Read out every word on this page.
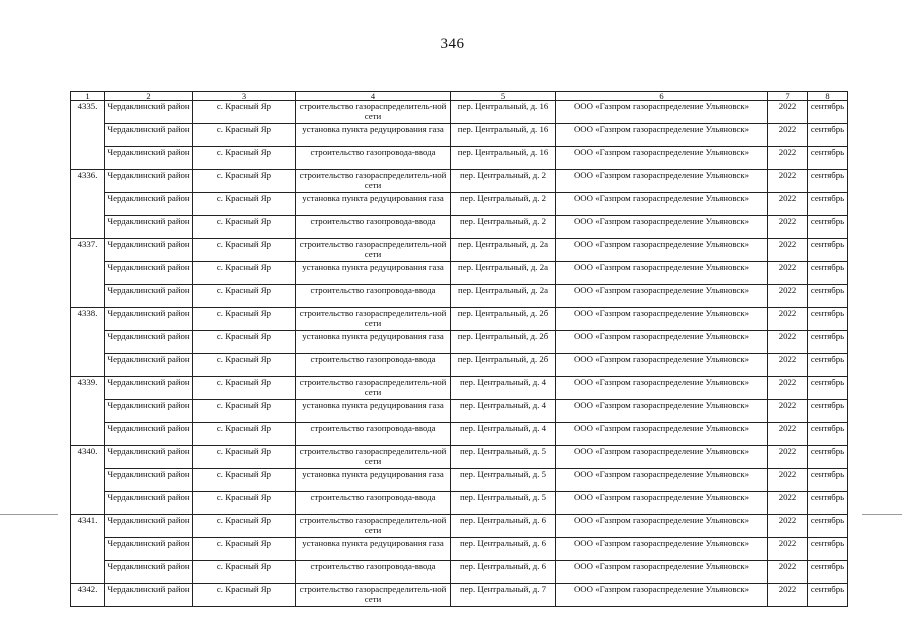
346
1	2	3	4	5	6	7	8
4335.	Чердаклинский район	с. Красный Яр	строительство газораспределитель-ной сети	пер. Центральный, д. 16	ООО «Газпром газораспределение Ульяновск»	2022	сентябрь
	Чердаклинский район	с. Красный Яр	установка пункта редуцирования газа	пер. Центральный, д. 16	ООО «Газпром газораспределение Ульяновск»	2022	сентябрь
	Чердаклинский район	с. Красный Яр	строительство газопровода-ввода	пер. Центральный, д. 16	ООО «Газпром газораспределение Ульяновск»	2022	сентябрь
4336.	Чердаклинский район	с. Красный Яр	строительство газораспределитель-ной сети	пер. Центральный, д. 2	ООО «Газпром газораспределение Ульяновск»	2022	сентябрь
	Чердаклинский район	с. Красный Яр	установка пункта редуцирования газа	пер. Центральный, д. 2	ООО «Газпром газораспределение Ульяновск»	2022	сентябрь
	Чердаклинский район	с. Красный Яр	строительство газопровода-ввода	пер. Центральный, д. 2	ООО «Газпром газораспределение Ульяновск»	2022	сентябрь
4337.	Чердаклинский район	с. Красный Яр	строительство газораспределитель-ной сети	пер. Центральный, д. 2а	ООО «Газпром газораспределение Ульяновск»	2022	сентябрь
	Чердаклинский район	с. Красный Яр	установка пункта редуцирования газа	пер. Центральный, д. 2а	ООО «Газпром газораспределение Ульяновск»	2022	сентябрь
	Чердаклинский район	с. Красный Яр	строительство газопровода-ввода	пер. Центральный, д. 2а	ООО «Газпром газораспределение Ульяновск»	2022	сентябрь
4338.	Чердаклинский район	с. Красный Яр	строительство газораспределитель-ной сети	пер. Центральный, д. 2б	ООО «Газпром газораспределение Ульяновск»	2022	сентябрь
	Чердаклинский район	с. Красный Яр	установка пункта редуцирования газа	пер. Центральный, д. 2б	ООО «Газпром газораспределение Ульяновск»	2022	сентябрь
	Чердаклинский район	с. Красный Яр	строительство газопровода-ввода	пер. Центральный, д. 2б	ООО «Газпром газораспределение Ульяновск»	2022	сентябрь
4339.	Чердаклинский район	с. Красный Яр	строительство газораспределитель-ной сети	пер. Центральный, д. 4	ООО «Газпром газораспределение Ульяновск»	2022	сентябрь
	Чердаклинский район	с. Красный Яр	установка пункта редуцирования газа	пер. Центральный, д. 4	ООО «Газпром газораспределение Ульяновск»	2022	сентябрь
	Чердаклинский район	с. Красный Яр	строительство газопровода-ввода	пер. Центральный, д. 4	ООО «Газпром газораспределение Ульяновск»	2022	сентябрь
4340.	Чердаклинский район	с. Красный Яр	строительство газораспределитель-ной сети	пер. Центральный, д. 5	ООО «Газпром газораспределение Ульяновск»	2022	сентябрь
	Чердаклинский район	с. Красный Яр	установка пункта редуцирования газа	пер. Центральный, д. 5	ООО «Газпром газораспределение Ульяновск»	2022	сентябрь
	Чердаклинский район	с. Красный Яр	строительство газопровода-ввода	пер. Центральный, д. 5	ООО «Газпром газораспределение Ульяновск»	2022	сентябрь
4341.	Чердаклинский район	с. Красный Яр	строительство газораспределитель-ной сети	пер. Центральный, д. 6	ООО «Газпром газораспределение Ульяновск»	2022	сентябрь
	Чердаклинский район	с. Красный Яр	установка пункта редуцирования газа	пер. Центральный, д. 6	ООО «Газпром газораспределение Ульяновск»	2022	сентябрь
	Чердаклинский район	с. Красный Яр	строительство газопровода-ввода	пер. Центральный, д. 6	ООО «Газпром газораспределение Ульяновск»	2022	сентябрь
4342.	Чердаклинский район	с. Красный Яр	строительство газораспределитель-ной сети	пер. Центральный, д. 7	ООО «Газпром газораспределение Ульяновск»	2022	сентябрь
